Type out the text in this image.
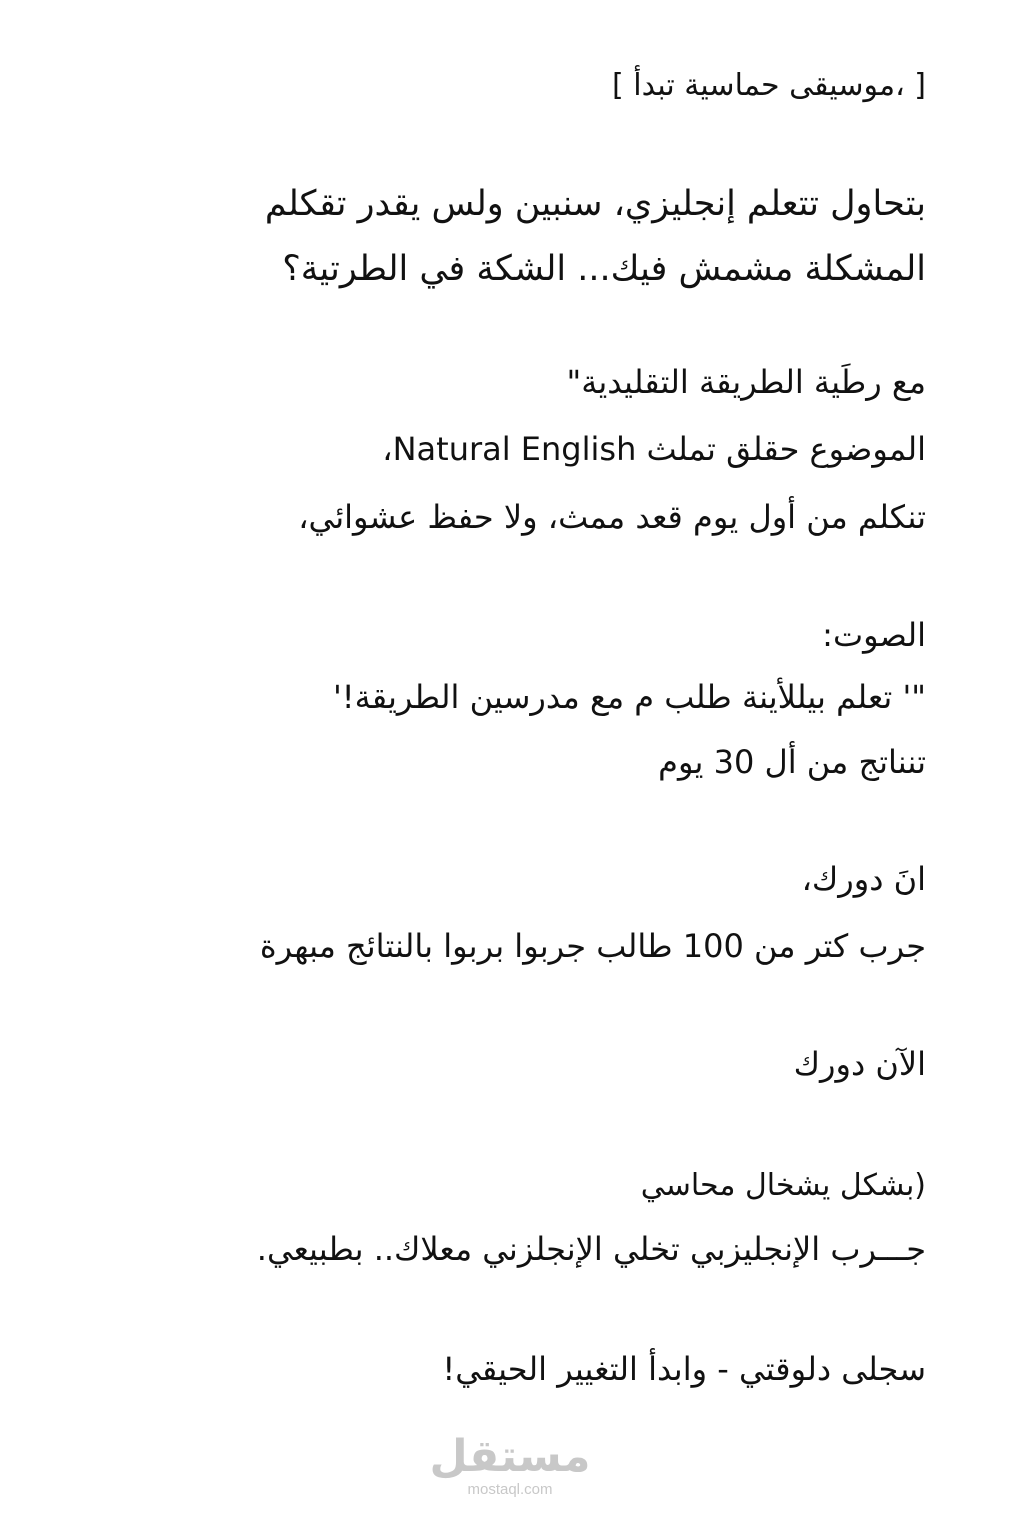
[ ،موسيقى حماسية تبدأ ]
بتحاول تتعلم إنجليزي، سنبين ولس يقدر تقكلم
المشكلة مشمش فيك... الشكة في الطرتية؟
مع رطَية الطريقة التقليدية"
،Natural English الموضوع حقلق تملث
تنكلم من أول يوم قعد ممث، ولا حفظ عشوائي،
الصوت:
"' تعلم بيللأينة طلب م مع مدرسين الطريقة!'
تنناتج من أل 30 يوم
انَ دورك،
جرب كتر من 100 طالب جربوا بربوا بالنتائج مبهرة
الآن دورك
(بشكل يشخال محاسي
جـــرب الإنجليزبي تخلي الإنجلزني معلاك.. بطبيعي.
سجلى دلوقتي - وابدأ التغيير الحيقي!
مستقل
mostaql.com
